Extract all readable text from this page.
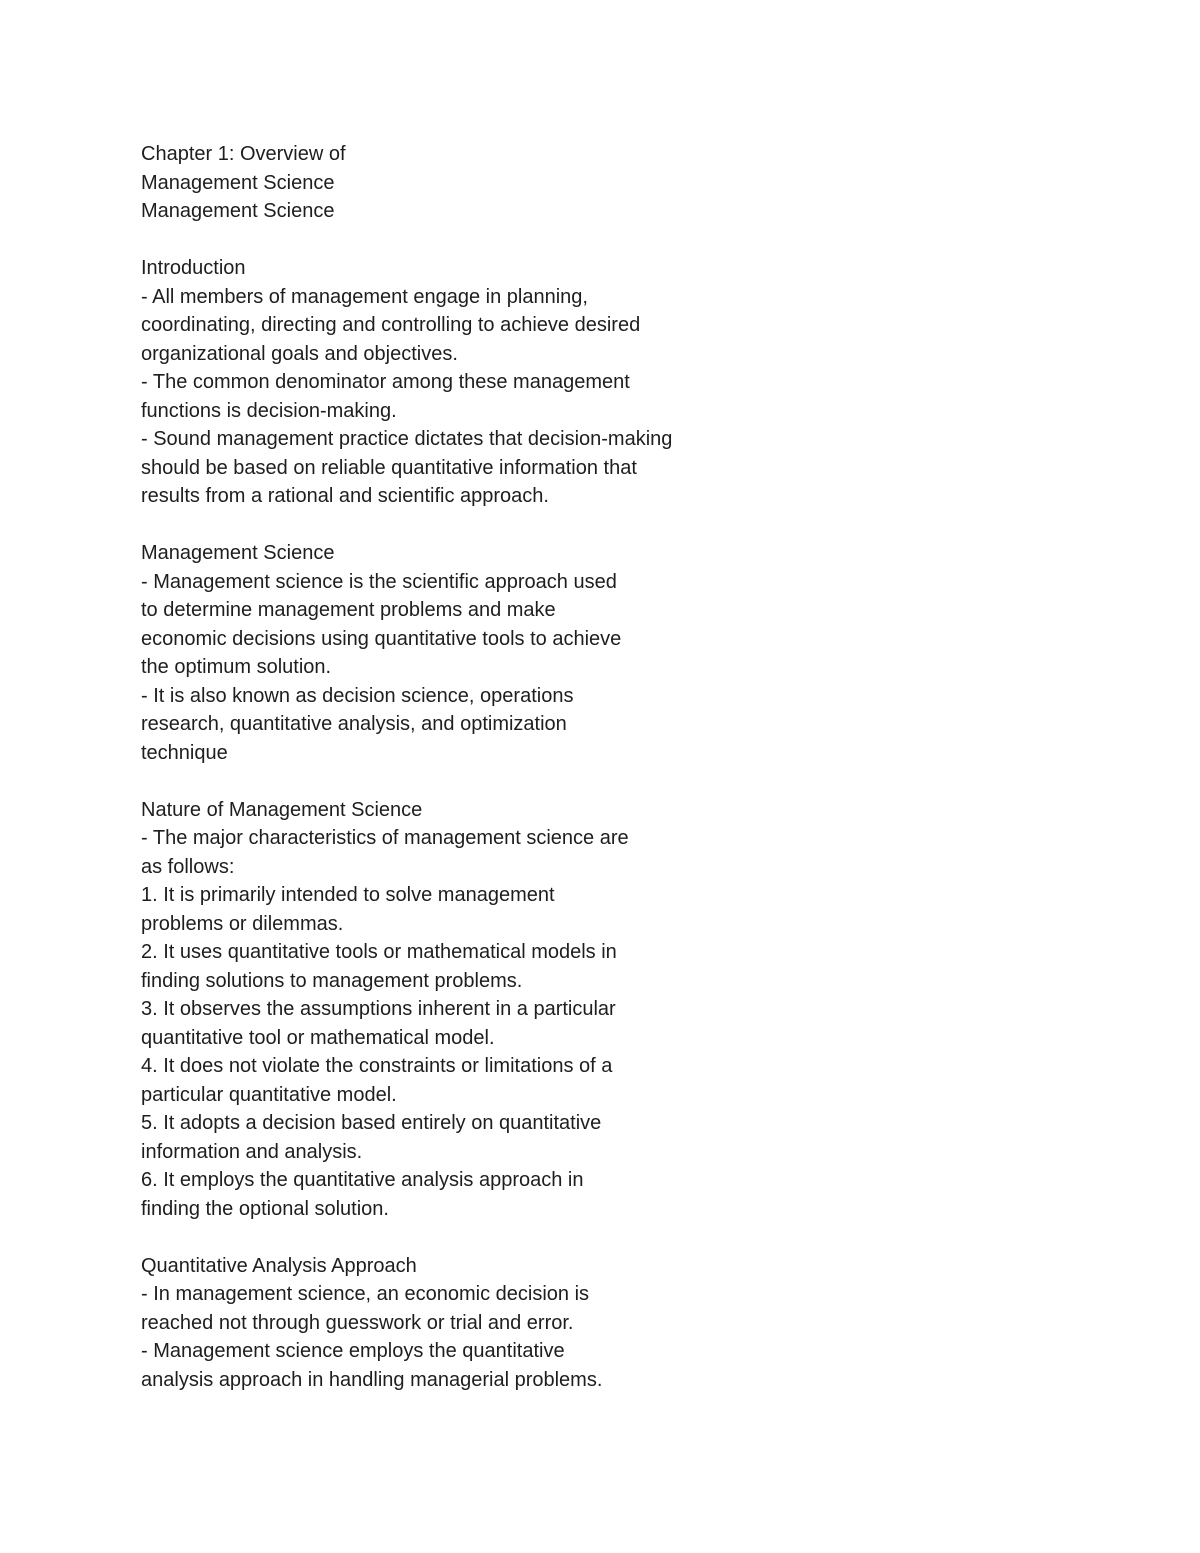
Chapter 1: Overview of
Management Science
Management Science
Introduction
- All members of management engage in planning,
coordinating, directing and controlling to achieve desired
organizational goals and objectives.
- The common denominator among these management
functions is decision-making.
- Sound management practice dictates that decision-making
should be based on reliable quantitative information that
results from a rational and scientific approach.
Management Science
- Management science is the scientific approach used
to determine management problems and make
economic decisions using quantitative tools to achieve
the optimum solution.
- It is also known as decision science, operations
research, quantitative analysis, and optimization
technique
Nature of Management Science
- The major characteristics of management science are
as follows:
1. It is primarily intended to solve management
problems or dilemmas.
2. It uses quantitative tools or mathematical models in
finding solutions to management problems.
3. It observes the assumptions inherent in a particular
quantitative tool or mathematical model.
4. It does not violate the constraints or limitations of a
particular quantitative model.
5. It adopts a decision based entirely on quantitative
information and analysis.
6. It employs the quantitative analysis approach in
finding the optional solution.
Quantitative Analysis Approach
- In management science, an economic decision is
reached not through guesswork or trial and error.
- Management science employs the quantitative
analysis approach in handling managerial problems.
